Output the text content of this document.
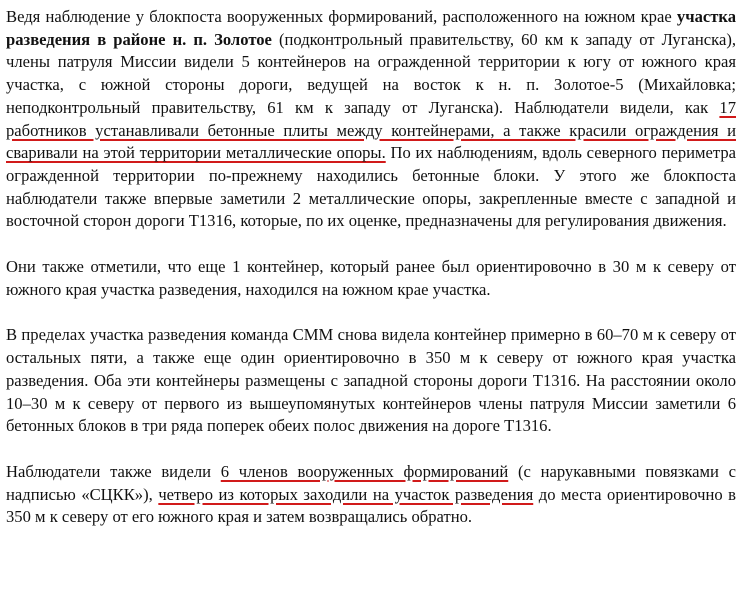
Ведя наблюдение у блокпоста вооруженных формирований, расположенного на южном крае участка разведения в районе н. п. Золотое (подконтрольный правительству, 60 км к западу от Луганска), члены патруля Миссии видели 5 контейнеров на огражденной территории к югу от южного края участка, с южной стороны дороги, ведущей на восток к н. п. Золотое-5 (Михайловка; неподконтрольный правительству, 61 км к западу от Луганска). Наблюдатели видели, как 17 работников устанавливали бетонные плиты между контейнерами, а также красили ограждения и сваривали на этой территории металлические опоры. По их наблюдениям, вдоль северного периметра огражденной территории по-прежнему находились бетонные блоки. У этого же блокпоста наблюдатели также впервые заметили 2 металлические опоры, закрепленные вместе с западной и восточной сторон дороги Т1316, которые, по их оценке, предназначены для регулирования движения.

Они также отметили, что еще 1 контейнер, который ранее был ориентировочно в 30 м к северу от южного края участка разведения, находился на южном крае участка.

В пределах участка разведения команда СММ снова видела контейнер примерно в 60–70 м к северу от остальных пяти, а также еще один ориентировочно в 350 м к северу от южного края участка разведения. Оба эти контейнеры размещены с западной стороны дороги Т1316. На расстоянии около 10–30 м к северу от первого из вышеупомянутых контейнеров члены патруля Миссии заметили 6 бетонных блоков в три ряда поперек обеих полос движения на дороге Т1316.

Наблюдатели также видели 6 членов вооруженных формирований (с нарукавными повязками с надписью «СЦКК»), четверо из которых заходили на участок разведения до места ориентировочно в 350 м к северу от его южного края и затем возвращались обратно.
